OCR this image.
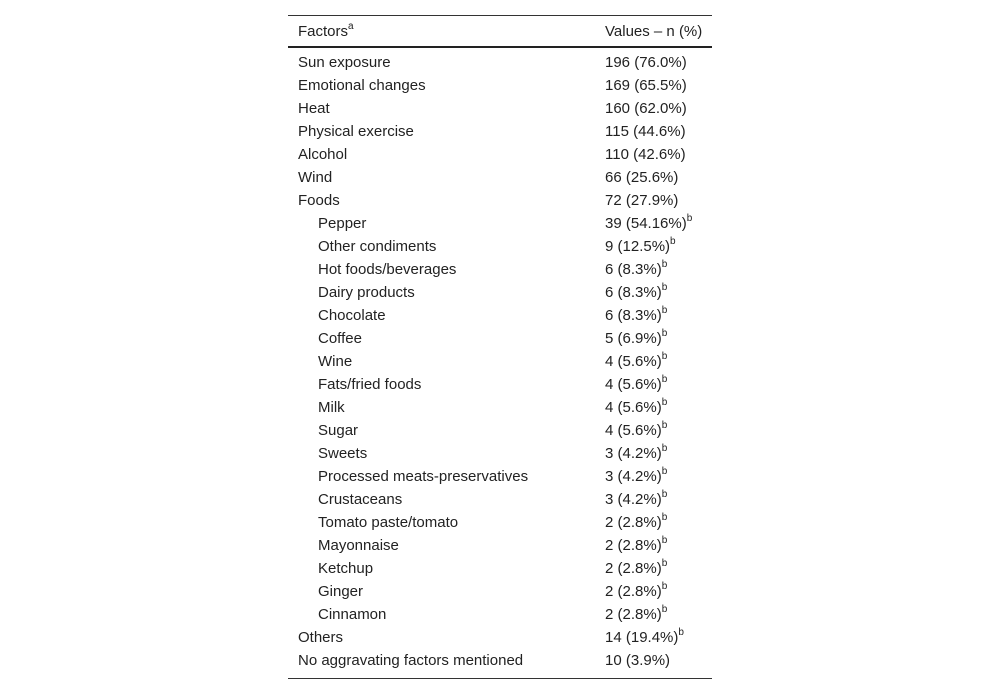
Factors$^a$	Values – n (%)
Sun exposure	196 (76.0%)
Emotional changes	169 (65.5%)
Heat	160 (62.0%)
Physical exercise	115 (44.6%)
Alcohol	110 (42.6%)
Wind	66 (25.6%)
Foods	72 (27.9%)
Pepper	39 $(54.16\%)^b$
Other condiments	9 $(12.5\%)^b$
Hot foods/beverages	6 $(8.3\%)^b$
Dairy products	6 $(8.3\%)^b$
Chocolate	6 $(8.3\%)^b$
Coffee	5 $(6.9\%)^b$
Wine	4 $(5.6\%)^b$
Fats/fried foods	4 $(5.6\%)^b$
Milk	4 $(5.6\%)^b$
Sugar	4 $(5.6\%)^b$
Sweets	3 $(4.2\%)^b$
Processed meats-preservatives	3 $(4.2\%)^b$
Crustaceans	3 $(4.2\%)^b$
Tomato paste/tomato	2 $(2.8\%)^b$
Mayonnaise	2 $(2.8\%)^b$
Ketchup	2 $(2.8\%)^b$
Ginger	2 $(2.8\%)^b$
Cinnamon	2 $(2.8\%)^b$
Others	14 $(19.4\%)^b$
No aggravating factors mentioned	10 (3.9%)
